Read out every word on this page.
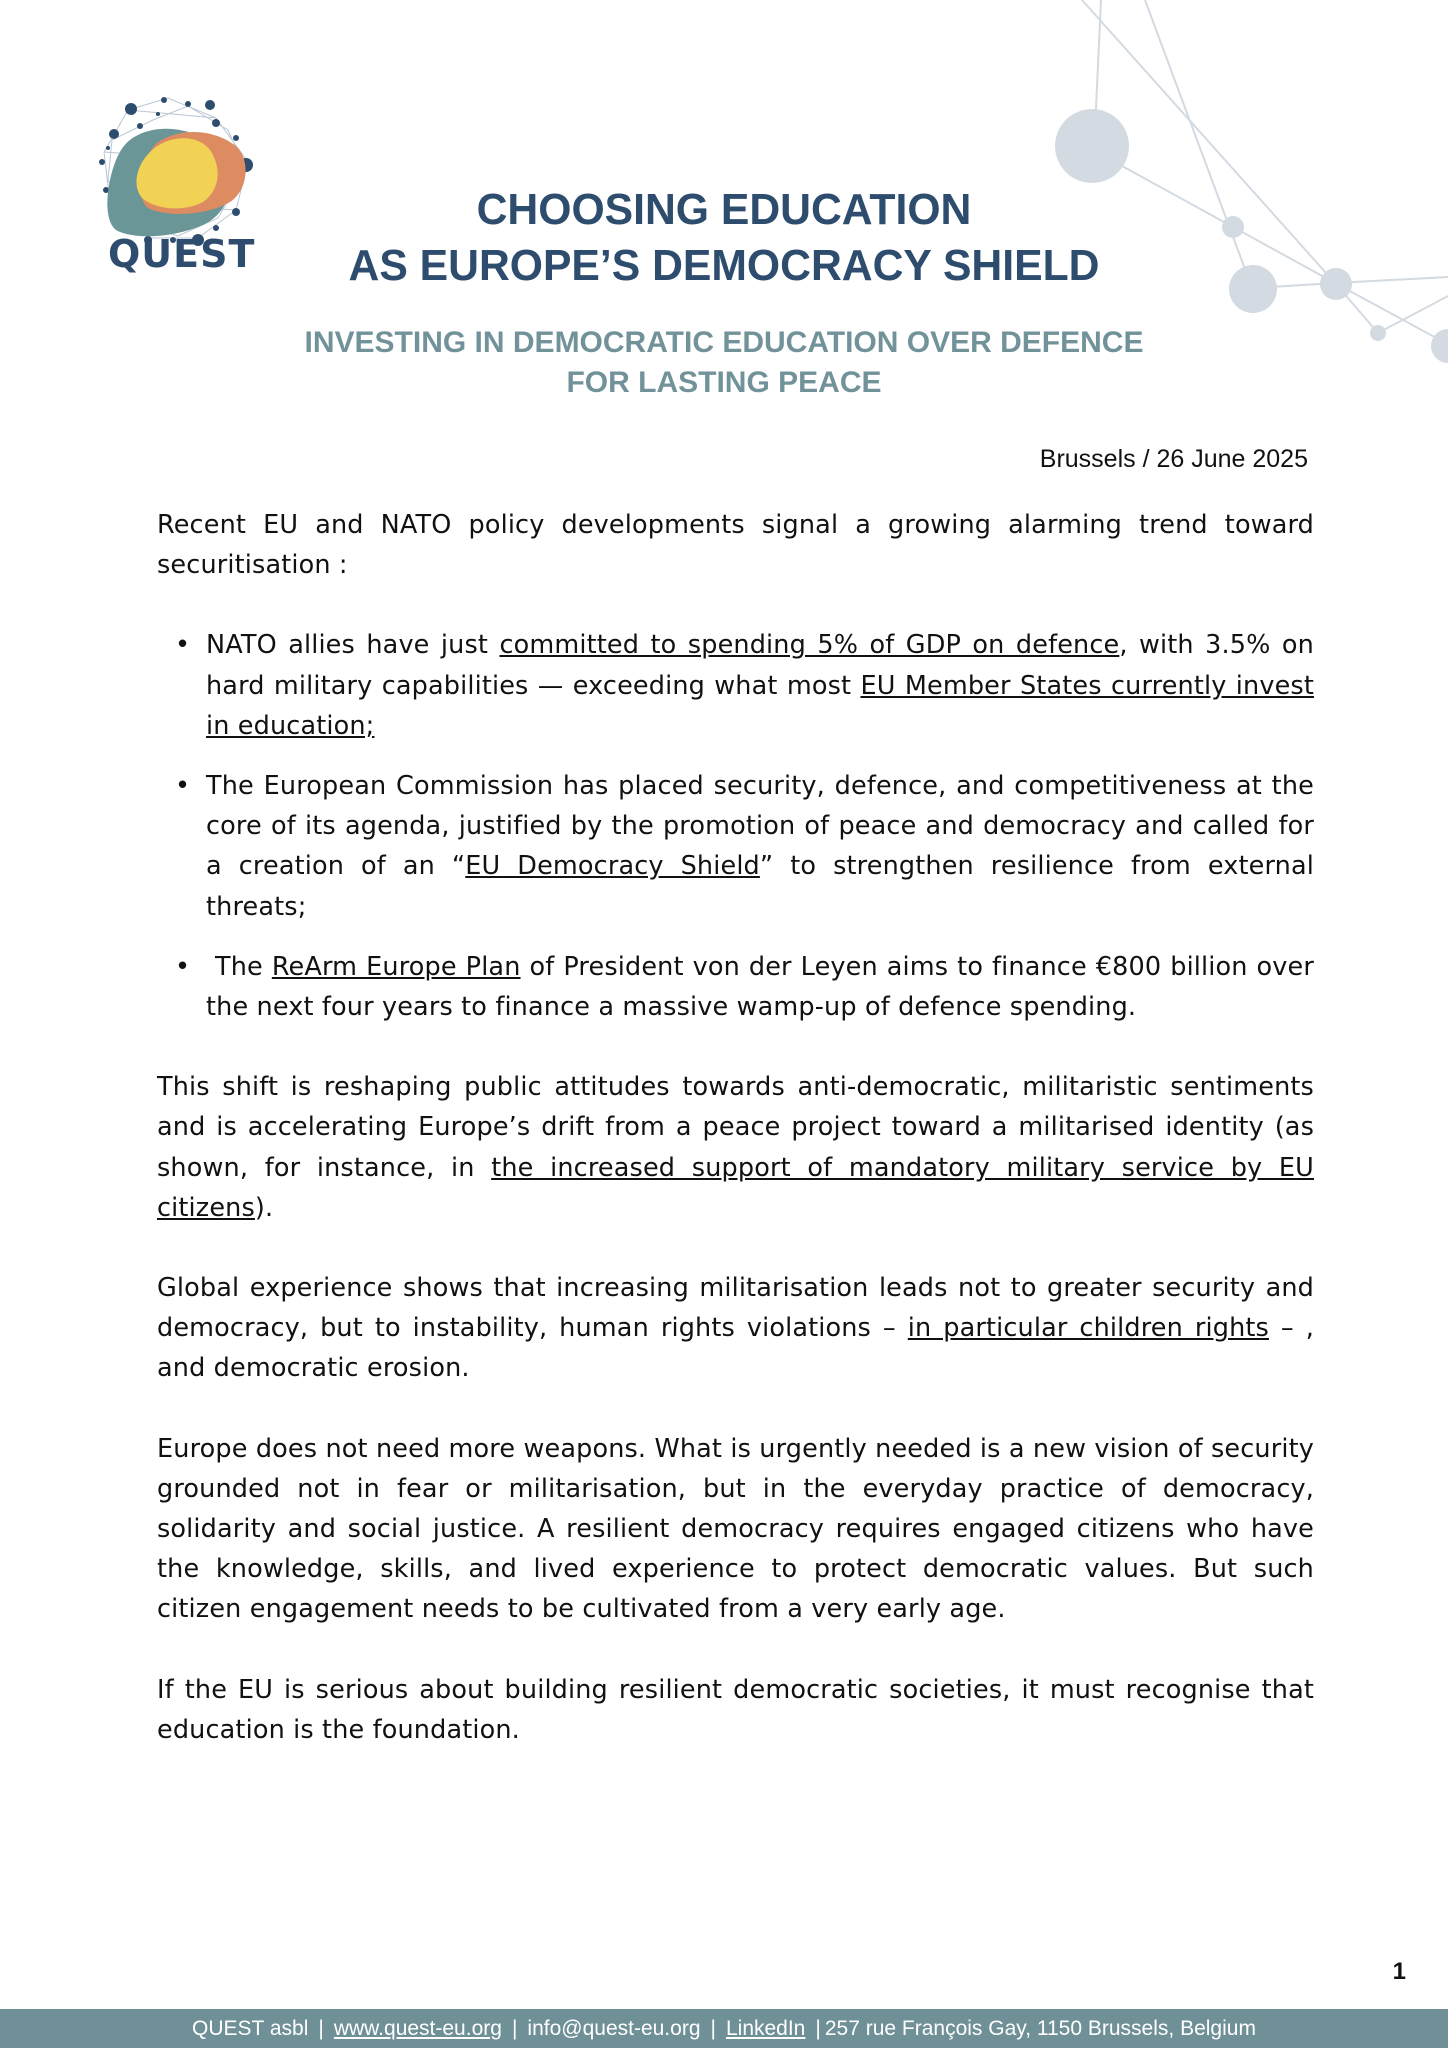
QUEST
CHOOSING EDUCATION
AS EUROPE’S DEMOCRACY SHIELD
INVESTING IN DEMOCRATIC EDUCATION OVER DEFENCE
FOR LASTING PEACE
Brussels / 26 June 2025

Recent EU and NATO policy developments signal a growing alarming trend toward securitisation :

• NATO allies have just committed to spending 5% of GDP on defence, with 3.5% on hard military capabilities — exceeding what most EU Member States currently invest in education;
• The European Commission has placed security, defence, and competitiveness at the core of its agenda, justified by the promotion of peace and democracy and called for a creation of an “EU Democracy Shield” to strengthen resilience from external threats;
• The ReArm Europe Plan of President von der Leyen aims to finance €800 billion over the next four years to finance a massive wamp-up of defence spending.

This shift is reshaping public attitudes towards anti-democratic, militaristic sentiments and is accelerating Europe’s drift from a peace project toward a militarised identity (as shown, for instance, in the increased support of mandatory military service by EU citizens).

Global experience shows that increasing militarisation leads not to greater security and democracy, but to instability, human rights violations – in particular children rights – , and democratic erosion.

Europe does not need more weapons. What is urgently needed is a new vision of security grounded not in fear or militarisation, but in the everyday practice of democracy, solidarity and social justice. A resilient democracy requires engaged citizens who have the knowledge, skills, and lived experience to protect democratic values. But such citizen engagement needs to be cultivated from a very early age.

If the EU is serious about building resilient democratic societies, it must recognise that education is the foundation.

1
QUEST asbl | www.quest-eu.org | info@quest-eu.org | LinkedIn | 257 rue François Gay, 1150 Brussels, Belgium
